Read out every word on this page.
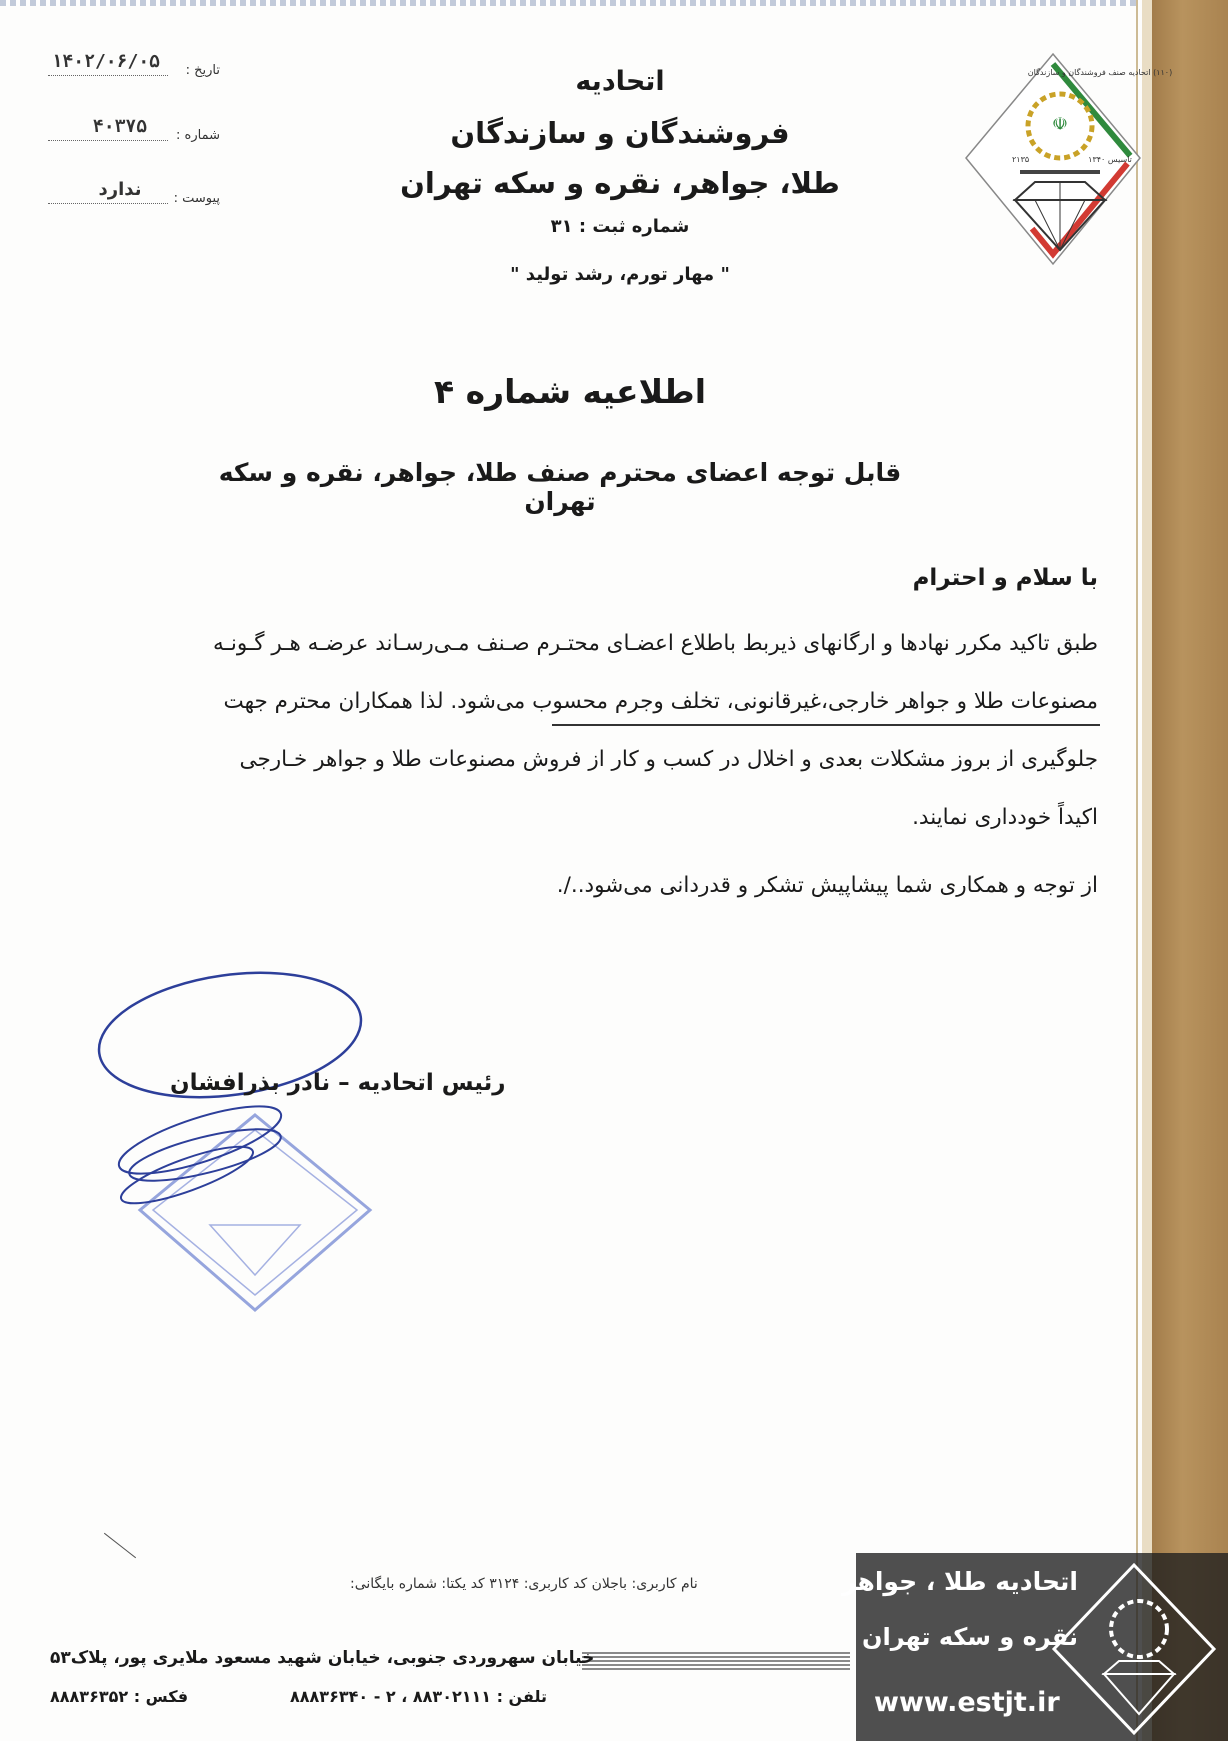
۱۴۰۲/۰۶/۰۵ تاریخ :
۴۰۳۷۵	شماره :
ندارد	پیوست :
اتحادیه
فروشندگان و سازندگان
طلا، جواهر، نقره و سکه تهران
شماره ثبت : ۳۱
" مهار تورم، رشد تولید "
☫
(۱۱۰) اتحادیه صنف فروشندگان و سازندگان
۲۱۳۵	تاسیس ۱۳۴۰
اطلاعیه شماره ۴
قابل توجه اعضای محترم صنف طلا، جواهر، نقره و سکه تهران
با سلام و احترام
طبق تاکید مکرر نهادها و ارگانهای ذیربط باطلاع اعضـای محتـرم صـنف مـی‌رسـاند عرضـه هـر گـونـه
مصنوعات طلا و جواهر خارجی،غیرقانونی، تخلف وجرم محسوب می‌شود. لذا همکاران محترم جهت
جلوگیری از بروز مشکلات بعدی و اخلال در کسب و کار از فروش مصنوعات طلا و جواهر خـارجی
اکیداً خودداری نمایند.
از توجه و همکاری شما پیشاپیش تشکر و قدردانی می‌شود../.
رئیس اتحادیه – نادر بذرافشان
نام کاربری: باجلان کد کاربری: ۳۱۲۴ کد یکتا: شماره بایگانی:
خیابان سهروردی جنوبی، خیابان شهید مسعود ملایری پور، پلاک۵۳
تلفن : ۸۸۳۰۲۱۱۱ ، ۲ - ۸۸۸۳۶۳۴۰
فکس : ۸۸۸۳۶۳۵۲
اتحادیه طلا ، جواهر
نقره و سکه تهران
www.estjt.ir
